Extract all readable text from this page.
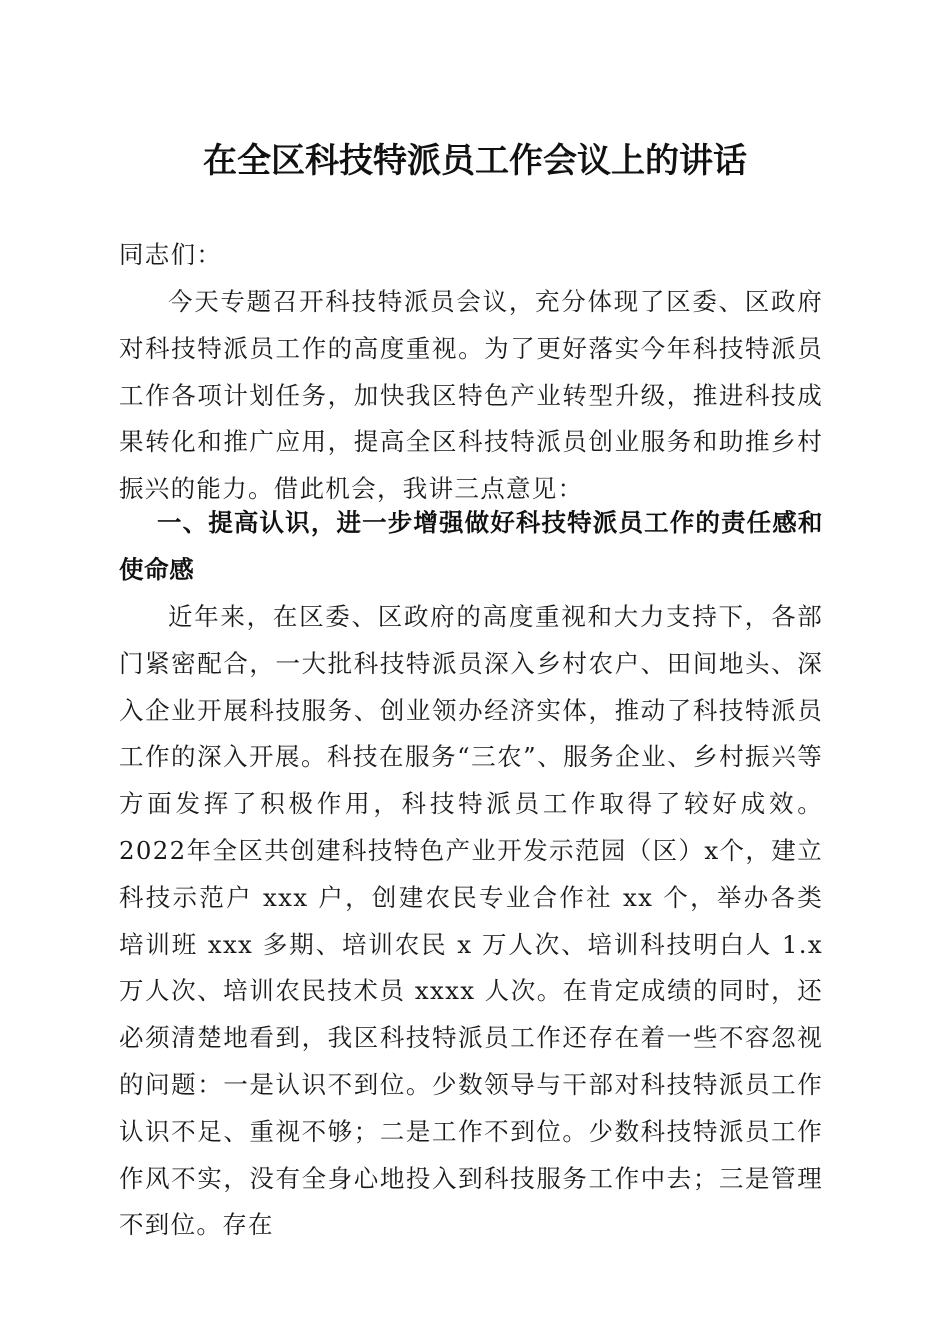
在全区科技特派员工作会议上的讲话
同志们：
今天专题召开科技特派员会议，充分体现了区委、区政府对科技特派员工作的高度重视。为了更好落实今年科技特派员工作各项计划任务，加快我区特色产业转型升级，推进科技成果转化和推广应用，提高全区科技特派员创业服务和助推乡村振兴的能力。借此机会，我讲三点意见：
一、提高认识，进一步增强做好科技特派员工作的责任感和使命感
近年来，在区委、区政府的高度重视和大力支持下，各部门紧密配合，一大批科技特派员深入乡村农户、田间地头、深入企业开展科技服务、创业领办经济实体，推动了科技特派员工作的深入开展。科技在服务“三农”、服务企业、乡村振兴等方面发挥了积极作用，科技特派员工作取得了较好成效。2022年全区共创建科技特色产业开发示范园（区）x个，建立科技示范户 xxx 户，创建农民专业合作社 xx 个，举办各类培训班 xxx 多期、培训农民 x 万人次、培训科技明白人 1.x 万人次、培训农民技术员 xxxx 人次。在肯定成绩的同时，还必须清楚地看到，我区科技特派员工作还存在着一些不容忽视的问题：一是认识不到位。少数领导与干部对科技特派员工作认识不足、重视不够；二是工作不到位。少数科技特派员工作作风不实，没有全身心地投入到科技服务工作中去；三是管理不到位。存在
